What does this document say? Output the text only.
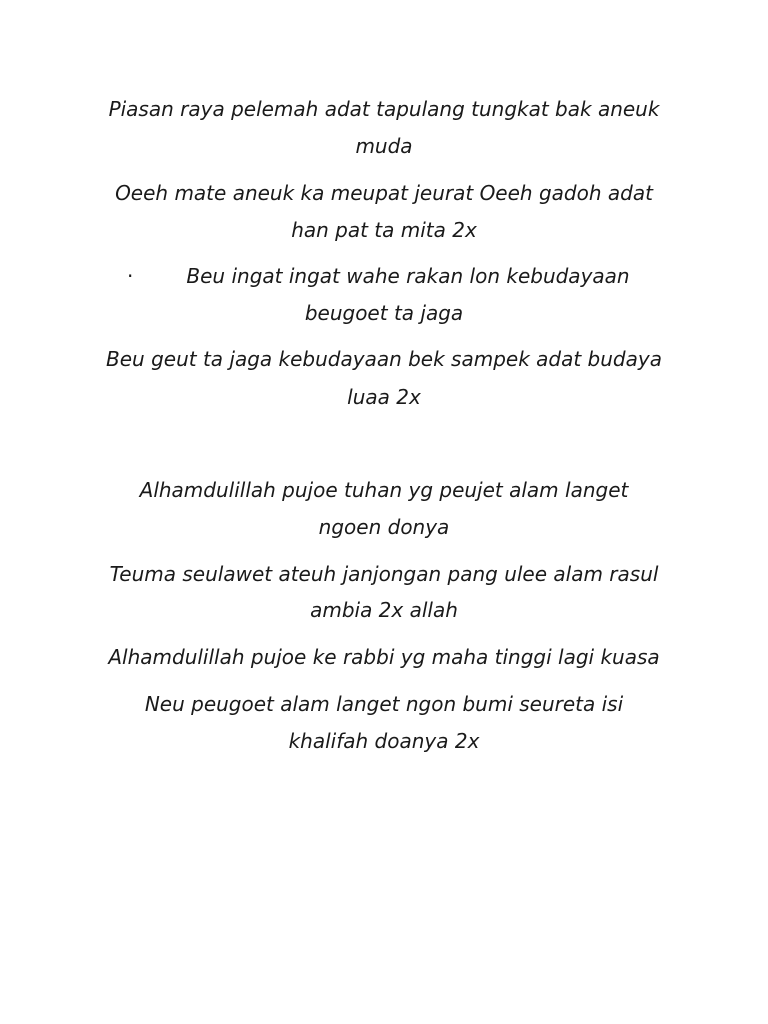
Piasan raya pelemah adat tapulang tungkat bak aneuk
muda
Oeeh mate aneuk ka meupat jeurat Oeeh gadoh adat
han pat ta mita 2x
·	Beu ingat ingat wahe rakan lon kebudayaan
beugoet ta jaga
Beu geut ta jaga kebudayaan bek sampek adat budaya
luaa 2x
Alhamdulillah pujoe tuhan yg peujet alam langet
ngoen donya
Teuma seulawet ateuh janjongan pang ulee alam rasul
ambia 2x allah
Alhamdulillah pujoe ke rabbi yg maha tinggi lagi kuasa
Neu peugoet alam langet ngon bumi seureta isi
khalifah doanya 2x
